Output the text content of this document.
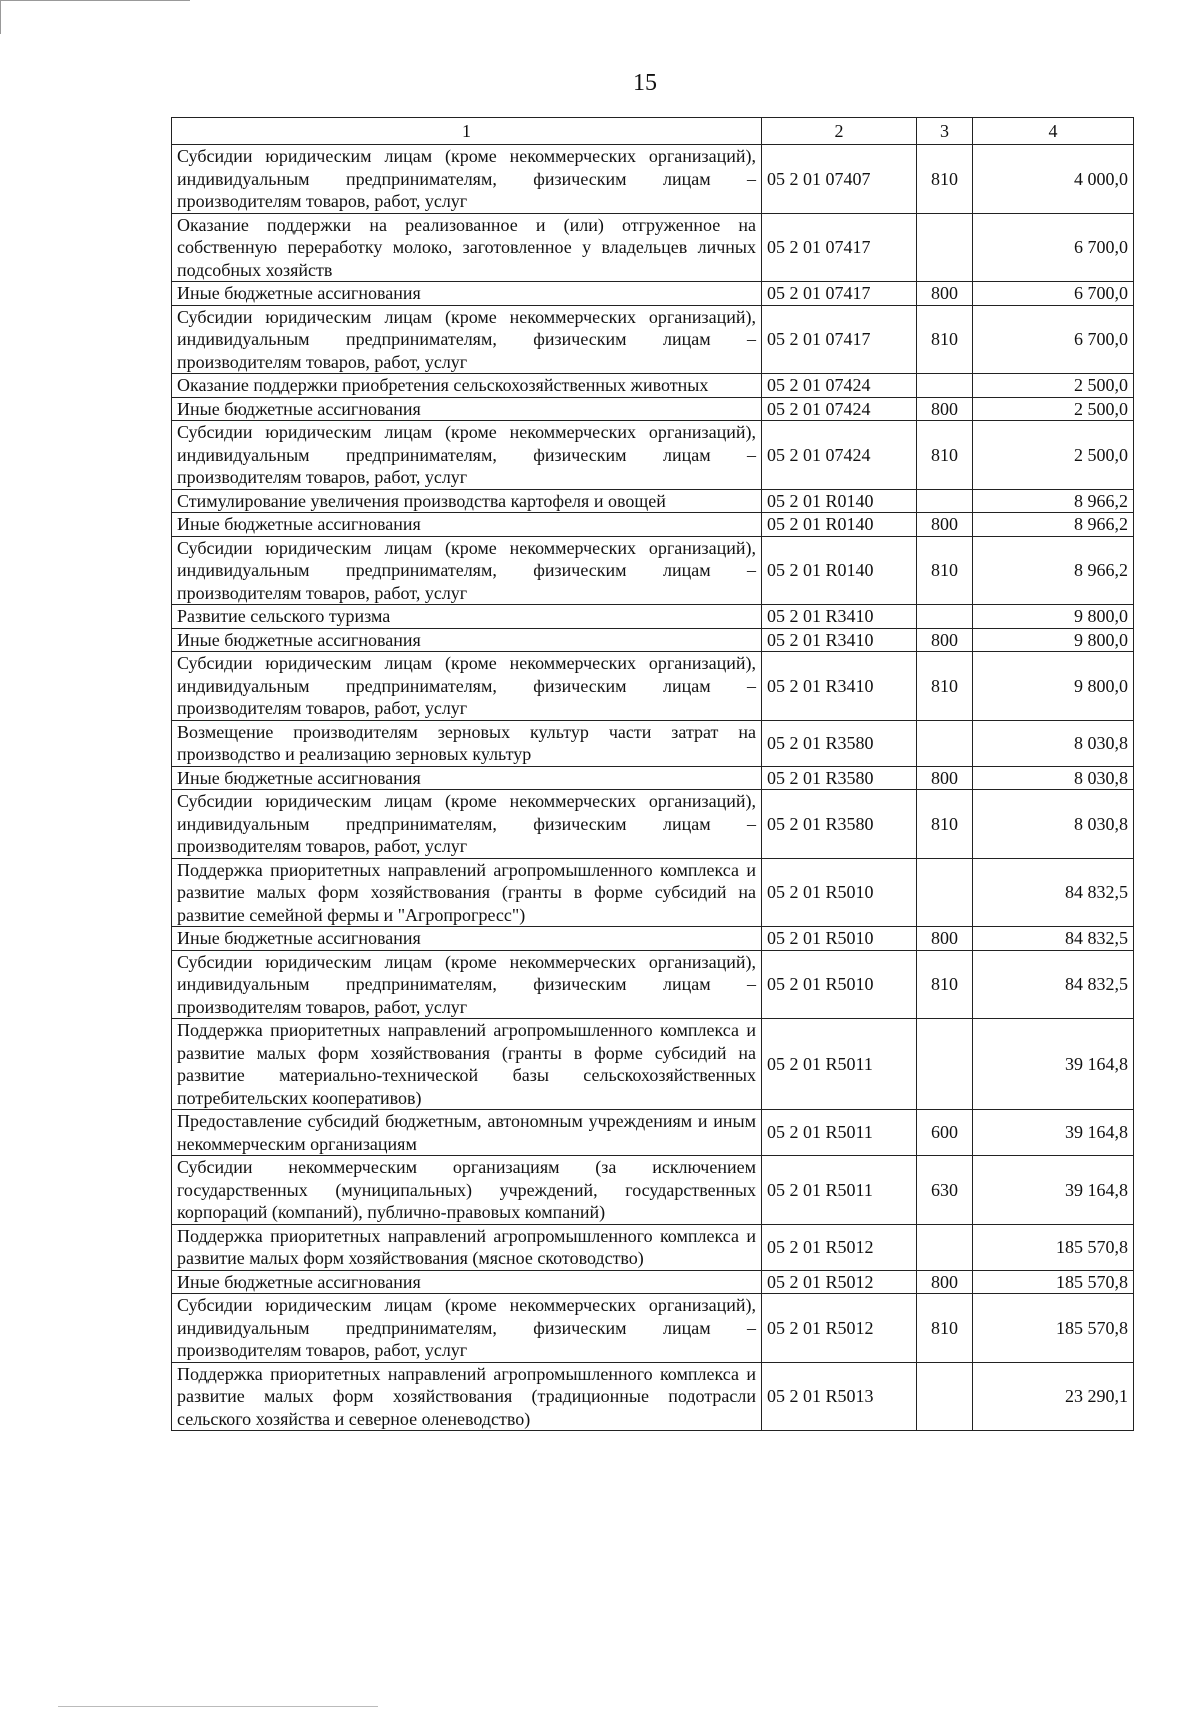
15
1	2	3	4
Субсидии юридическим лицам (кроме некоммерческих организаций), индивидуальным предпринимателям, физическим лицам – производителям товаров, работ, услуг	05 2 01 07407	810	4 000,0
Оказание поддержки на реализованное и (или) отгруженное на собственную переработку молоко, заготовленное у владельцев личных подсобных хозяйств	05 2 01 07417		6 700,0
Иные бюджетные ассигнования	05 2 01 07417	800	6 700,0
Субсидии юридическим лицам (кроме некоммерческих организаций), индивидуальным предпринимателям, физическим лицам – производителям товаров, работ, услуг	05 2 01 07417	810	6 700,0
Оказание поддержки приобретения сельскохозяйственных животных	05 2 01 07424		2 500,0
Иные бюджетные ассигнования	05 2 01 07424	800	2 500,0
Субсидии юридическим лицам (кроме некоммерческих организаций), индивидуальным предпринимателям, физическим лицам – производителям товаров, работ, услуг	05 2 01 07424	810	2 500,0
Стимулирование увеличения производства картофеля и овощей	05 2 01 R0140		8 966,2
Иные бюджетные ассигнования	05 2 01 R0140	800	8 966,2
Субсидии юридическим лицам (кроме некоммерческих организаций), индивидуальным предпринимателям, физическим лицам – производителям товаров, работ, услуг	05 2 01 R0140	810	8 966,2
Развитие сельского туризма	05 2 01 R3410		9 800,0
Иные бюджетные ассигнования	05 2 01 R3410	800	9 800,0
Субсидии юридическим лицам (кроме некоммерческих организаций), индивидуальным предпринимателям, физическим лицам – производителям товаров, работ, услуг	05 2 01 R3410	810	9 800,0
Возмещение производителям зерновых культур части затрат на производство и реализацию зерновых культур	05 2 01 R3580		8 030,8
Иные бюджетные ассигнования	05 2 01 R3580	800	8 030,8
Субсидии юридическим лицам (кроме некоммерческих организаций), индивидуальным предпринимателям, физическим лицам – производителям товаров, работ, услуг	05 2 01 R3580	810	8 030,8
Поддержка приоритетных направлений агропромышленного комплекса и развитие малых форм хозяйствования (гранты в форме субсидий на развитие семейной фермы и "Агропрогресс")	05 2 01 R5010		84 832,5
Иные бюджетные ассигнования	05 2 01 R5010	800	84 832,5
Субсидии юридическим лицам (кроме некоммерческих организаций), индивидуальным предпринимателям, физическим лицам – производителям товаров, работ, услуг	05 2 01 R5010	810	84 832,5
Поддержка приоритетных направлений агропромышленного комплекса и развитие малых форм хозяйствования (гранты в форме субсидий на развитие материально-технической базы сельскохозяйственных потребительских кооперативов)	05 2 01 R5011		39 164,8
Предоставление субсидий бюджетным, автономным учреждениям и иным некоммерческим организациям	05 2 01 R5011	600	39 164,8
Субсидии некоммерческим организациям (за исключением государственных (муниципальных) учреждений, государственных корпораций (компаний), публично-правовых компаний)	05 2 01 R5011	630	39 164,8
Поддержка приоритетных направлений агропромышленного комплекса и развитие малых форм хозяйствования (мясное скотоводство)	05 2 01 R5012		185 570,8
Иные бюджетные ассигнования	05 2 01 R5012	800	185 570,8
Субсидии юридическим лицам (кроме некоммерческих организаций), индивидуальным предпринимателям, физическим лицам – производителям товаров, работ, услуг	05 2 01 R5012	810	185 570,8
Поддержка приоритетных направлений агропромышленного комплекса и развитие малых форм хозяйствования (традиционные подотрасли сельского хозяйства и северное оленеводство)	05 2 01 R5013		23 290,1
